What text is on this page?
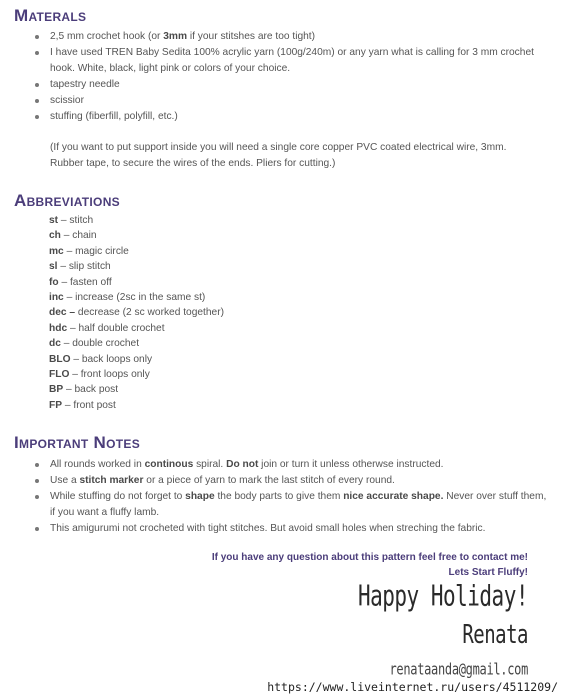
Materals
2,5 mm crochet hook (or 3mm if your stitshes are too tight)
I have used TREN Baby Sedita 100% acrylic yarn (100g/240m) or any yarn what is calling for 3 mm crochet hook. White, black, light pink or colors of your choice.
tapestry needle
scissior
stuffing (fiberfill, polyfill, etc.)

(If you want to put support inside you will need a single core copper PVC coated electrical wire, 3mm. Rubber tape, to secure the wires of the ends. Pliers for cutting.)

Abbreviations
st – stitch
ch – chain
mc – magic circle
sl – slip stitch
fo – fasten off
inc – increase (2sc in the same st)
dec – decrease (2 sc worked together)
hdc – half double crochet
dc – double crochet
BLO – back loops only
FLO – front loops only
BP – back post
FP – front post
Important Notes
All rounds worked in continous spiral. Do not join or turn it unless otherwse instructed.
Use a stitch marker or a piece of yarn to mark the last stitch of every round.
While stuffing do not forget to shape the body parts to give them nice accurate shape. Never over stuff them, if you want a fluffy lamb.
This amigurumi not crocheted with tight stitches. But avoid small holes when streching the fabric.
If you have any question about this pattern feel free to contact me!
Lets Start Fluffy!
Happy Holiday!
Renata
renataanda@gmail.com
https://www.liveinternet.ru/users/4511209/
